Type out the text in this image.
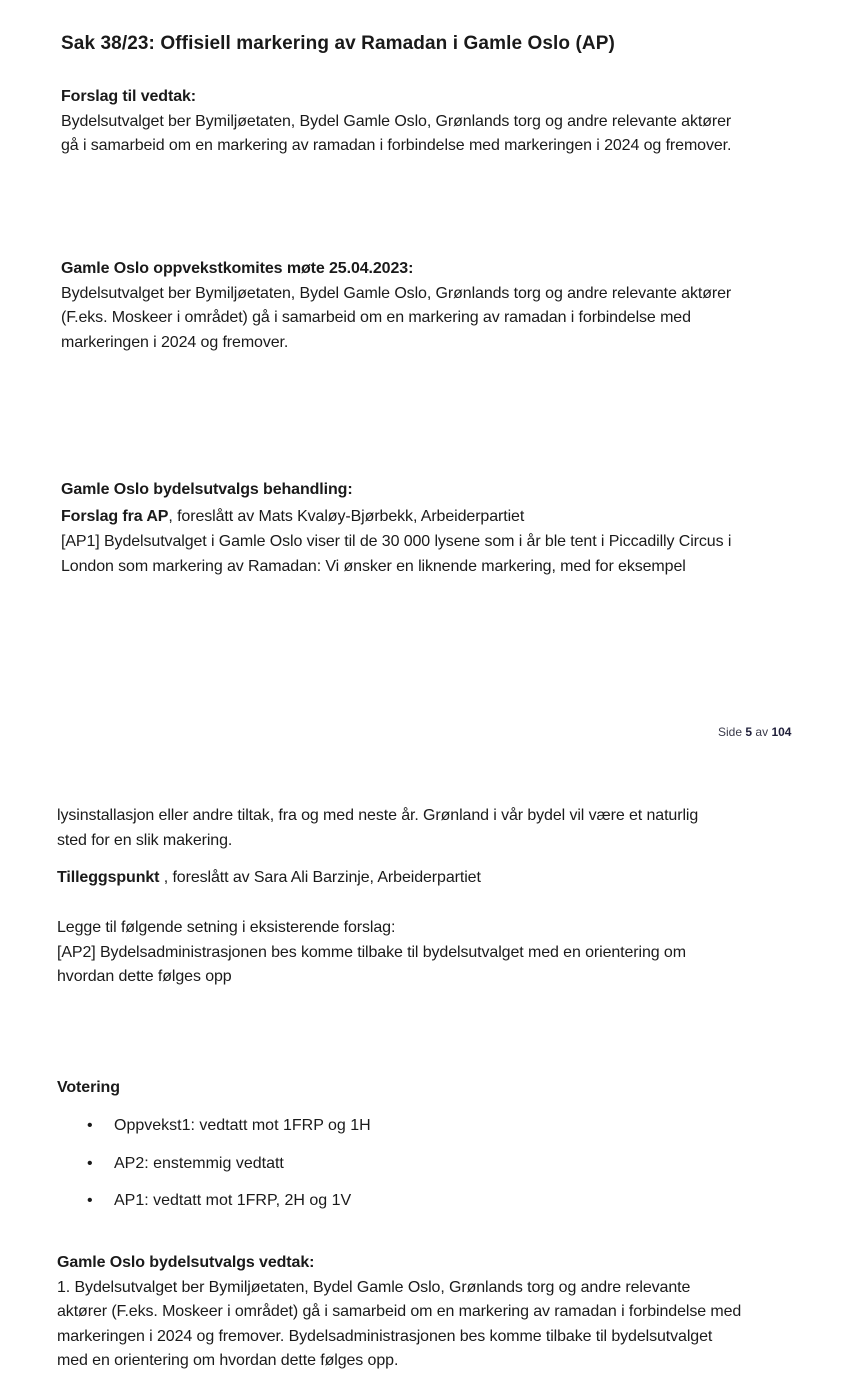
Sak 38/23: Offisiell markering av Ramadan i Gamle Oslo (AP)

Forslag til vedtak:

Bydelsutvalget ber Bymiljøetaten, Bydel Gamle Oslo, Grønlands torg og andre relevante aktører

gå i samarbeid om en markering av ramadan i forbindelse med markeringen i 2024 og fremover.

Gamle Oslo oppvekstkomites møte 25.04.2023:

Bydelsutvalget ber Bymiljøetaten, Bydel Gamle Oslo, Grønlands torg og andre relevante aktører

(F.eks. Moskeer i området) gå i samarbeid om en markering av ramadan i forbindelse med

markeringen i 2024 og fremover.

Gamle Oslo bydelsutvalgs behandling:

Forslag fra AP, foreslått av Mats Kvaløy-Bjørbekk, Arbeiderpartiet

[AP1] Bydelsutvalget i Gamle Oslo viser til de 30 000 lysene som i år ble tent i Piccadilly Circus i

London som markering av Ramadan: Vi ønsker en liknende markering, med for eksempel

Side 5 av 104

lysinstallasjon eller andre tiltak, fra og med neste år. Grønland i vår bydel vil være et naturlig

sted for en slik makering.

Tilleggspunkt , foreslått av Sara Ali Barzinje, Arbeiderpartiet

Legge til følgende setning i eksisterende forslag:

[AP2] Bydelsadministrasjonen bes komme tilbake til bydelsutvalget med en orientering om

hvordan dette følges opp

Votering

• Oppvekst1: vedtatt mot 1FRP og 1H
• AP2: enstemmig vedtatt
• AP1: vedtatt mot 1FRP, 2H og 1V

Gamle Oslo bydelsutvalgs vedtak:

1. Bydelsutvalget ber Bymiljøetaten, Bydel Gamle Oslo, Grønlands torg og andre relevante

aktører (F.eks. Moskeer i området) gå i samarbeid om en markering av ramadan i forbindelse med

markeringen i 2024 og fremover. Bydelsadministrasjonen bes komme tilbake til bydelsutvalget

med en orientering om hvordan dette følges opp.
